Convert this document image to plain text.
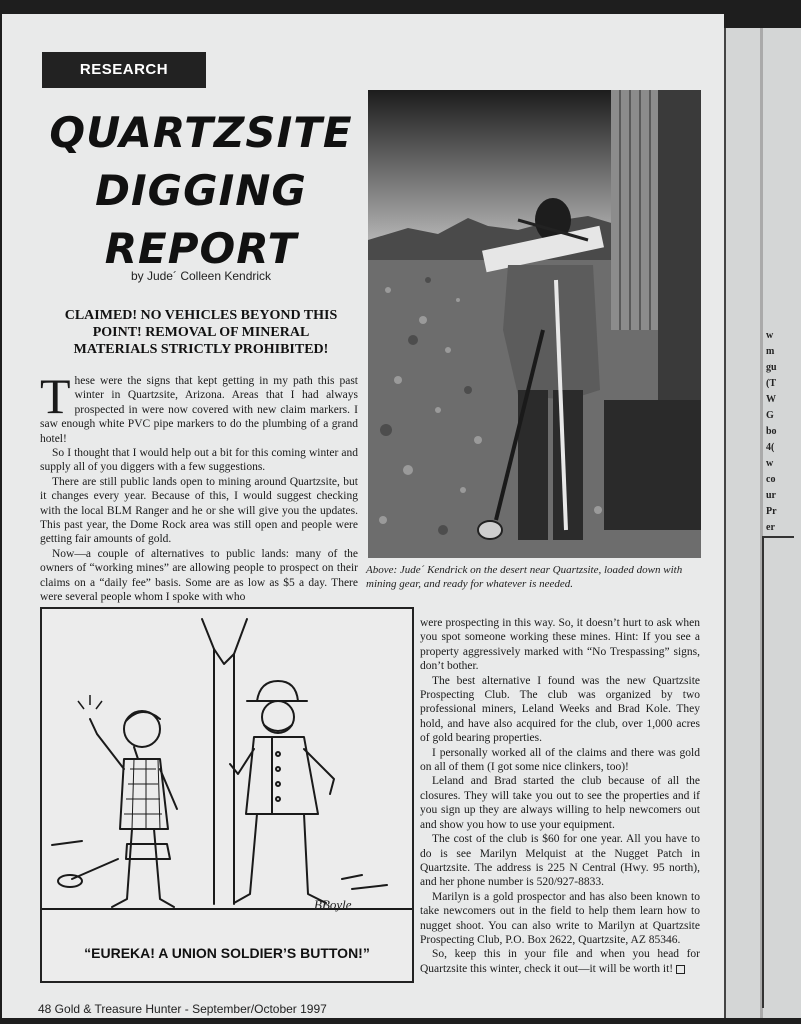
RESEARCH
QUARTZSITE
DIGGING
REPORT
by Jude´ Colleen Kendrick
CLAIMED! NO VEHICLES BEYOND THIS
POINT! REMOVAL OF MINERAL
MATERIALS STRICTLY PROHIBITED!

These were the signs that kept getting in my path this past winter in Quartzsite, Arizona. Areas that I had always prospected in were now covered with new claim markers. I saw enough white PVC pipe markers to do the plumbing of a grand hotel!

So I thought that I would help out a bit for this coming winter and supply all of you diggers with a few suggestions.

There are still public lands open to mining around Quartzsite, but it changes every year. Because of this, I would suggest checking with the local BLM Ranger and he or she will give you the updates. This past year, the Dome Rock area was still open and people were getting fair amounts of gold.

Now—a couple of alternatives to public lands: many of the owners of “working mines” are allowing people to prospect on their claims on a “daily fee” basis. Some are as low as $5 a day. There were several people whom I spoke with who

Above: Jude´ Kendrick on the desert near Quartzsite, loaded down with mining gear, and ready for whatever is needed.
BBoyle
“EUREKA! A UNION SOLDIER’S BUTTON!”

were prospecting in this way. So, it doesn’t hurt to ask when you spot someone working these mines. Hint: If you see a property aggressively marked with “No Trespassing” signs, don’t bother.

The best alternative I found was the new Quartzsite Prospecting Club. The club was organized by two professional miners, Leland Weeks and Brad Kole. They hold, and have also acquired for the club, over 1,000 acres of gold bearing properties.

I personally worked all of the claims and there was gold on all of them (I got some nice clinkers, too)!

Leland and Brad started the club because of all the closures. They will take you out to see the properties and if you sign up they are always willing to help newcomers out and show you how to use your equipment.

The cost of the club is $60 for one year. All you have to do is see Marilyn Melquist at the Nugget Patch in Quartzsite. The address is 225 N Central (Hwy. 95 north), and her phone number is 520/927-8833.

Marilyn is a gold prospector and has also been known to take newcomers out in the field to help them learn how to nugget shoot. You can also write to Marilyn at Quartzsite Prospecting Club, P.O. Box 2622, Quartzsite, AZ 85346.

So, keep this in your file and when you head for Quartzsite this winter, check it out—it will be worth it!

48 Gold & Treasure Hunter - September/October 1997
w
m
gu
(T
W
G
bo
4(
w
co
ur
Pr
er
